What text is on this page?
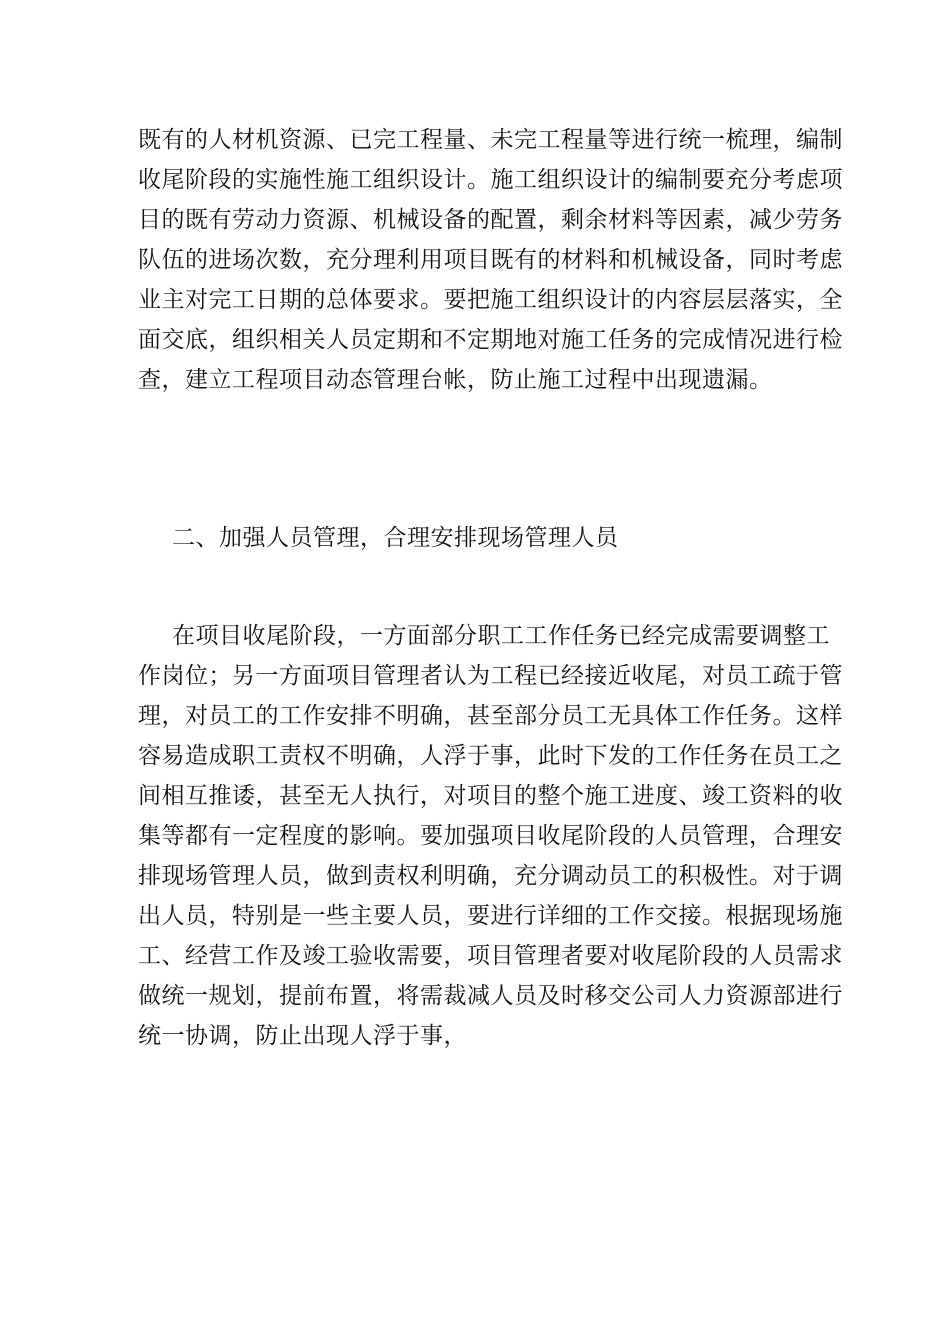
既有的人材机资源、已完工程量、未完工程量等进行统一梳理，编制
收尾阶段的实施性施工组织设计。施工组织设计的编制要充分考虑项
目的既有劳动力资源、机械设备的配置，剩余材料等因素，减少劳务
队伍的进场次数，充分理利用项目既有的材料和机械设备，同时考虑
业主对完工日期的总体要求。要把施工组织设计的内容层层落实，全
面交底，组织相关人员定期和不定期地对施工任务的完成情况进行检
查，建立工程项目动态管理台帐，防止施工过程中出现遗漏。
二、加强人员管理，合理安排现场管理人员
在项目收尾阶段，一方面部分职工工作任务已经完成需要调整工
作岗位；另一方面项目管理者认为工程已经接近收尾，对员工疏于管
理，对员工的工作安排不明确，甚至部分员工无具体工作任务。这样
容易造成职工责权不明确，人浮于事，此时下发的工作任务在员工之
间相互推诿，甚至无人执行，对项目的整个施工进度、竣工资料的收
集等都有一定程度的影响。要加强项目收尾阶段的人员管理，合理安
排现场管理人员，做到责权利明确，充分调动员工的积极性。对于调
出人员，特别是一些主要人员，要进行详细的工作交接。根据现场施
工、经营工作及竣工验收需要，项目管理者要对收尾阶段的人员需求
做统一规划，提前布置，将需裁减人员及时移交公司人力资源部进行
统一协调，防止出现人浮于事，
